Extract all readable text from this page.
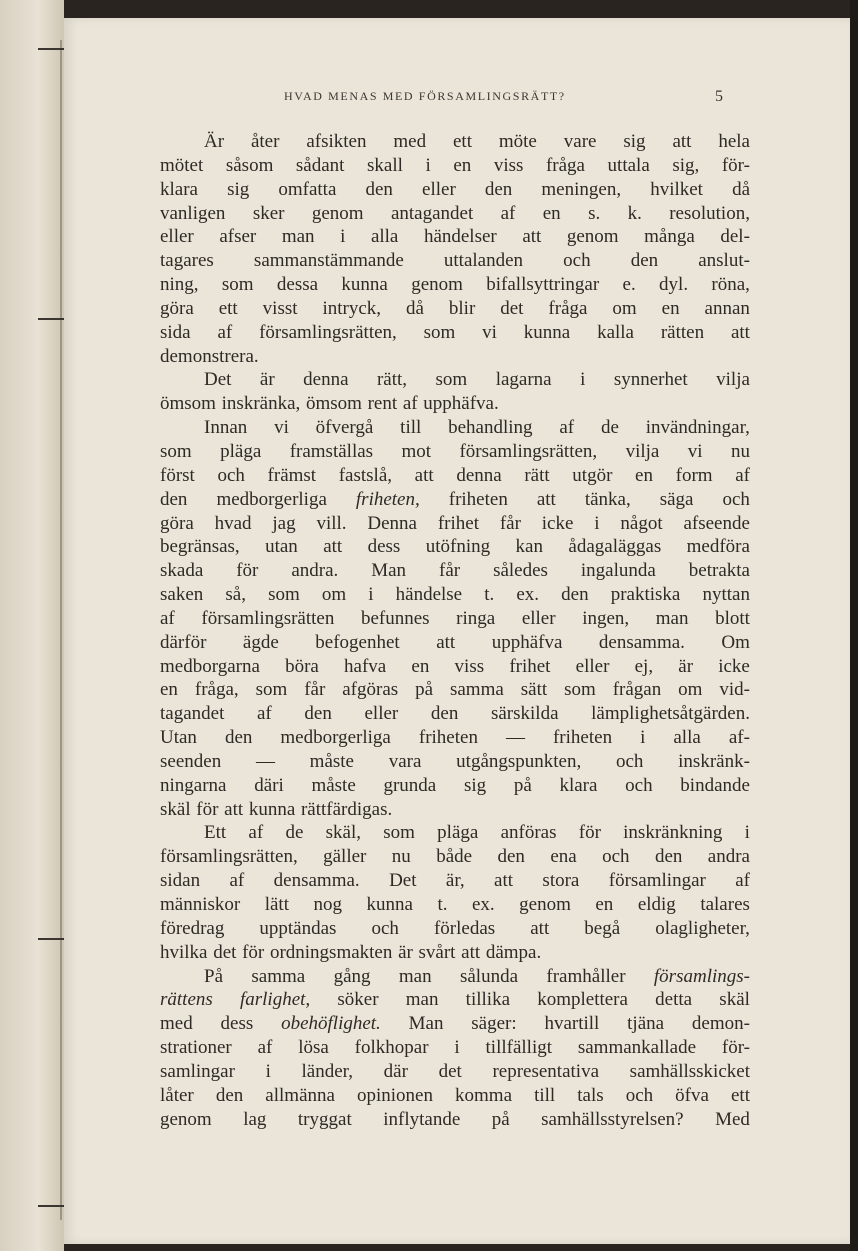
HVAD MENAS MED FÖRSAMLINGSRÄTT?	5
Är åter afsikten med ett möte vare sig att hela
mötet såsom sådant skall i en viss fråga uttala sig, för-
klara sig omfatta den eller den meningen, hvilket då
vanligen sker genom antagandet af en s. k. resolution,
eller afser man i alla händelser att genom många del-
tagares sammanstämmande uttalanden och den anslut-
ning, som dessa kunna genom bifallsyttringar e. dyl. röna,
göra ett visst intryck, då blir det fråga om en annan
sida af församlingsrätten, som vi kunna kalla rätten att
demonstrera.
Det är denna rätt, som lagarna i synnerhet vilja
ömsom inskränka, ömsom rent af upphäfva.
Innan vi öfvergå till behandling af de invändningar,
som pläga framställas mot församlingsrätten, vilja vi nu
först och främst fastslå, att denna rätt utgör en form af
den medborgerliga friheten, friheten att tänka, säga och
göra hvad jag vill. Denna frihet får icke i något afseende
begränsas, utan att dess utöfning kan ådagaläggas medföra
skada för andra. Man får således ingalunda betrakta
saken så, som om i händelse t. ex. den praktiska nyttan
af församlingsrätten befunnes ringa eller ingen, man blott
därför ägde befogenhet att upphäfva densamma. Om
medborgarna böra hafva en viss frihet eller ej, är icke
en fråga, som får afgöras på samma sätt som frågan om vid-
tagandet af den eller den särskilda lämplighetsåtgärden.
Utan den medborgerliga friheten — friheten i alla af-
seenden — måste vara utgångspunkten, och inskränk-
ningarna däri måste grunda sig på klara och bindande
skäl för att kunna rättfärdigas.
Ett af de skäl, som pläga anföras för inskränkning i
församlingsrätten, gäller nu både den ena och den andra
sidan af densamma. Det är, att stora församlingar af
människor lätt nog kunna t. ex. genom en eldig talares
föredrag upptändas och förledas att begå olagligheter,
hvilka det för ordningsmakten är svårt att dämpa.
På samma gång man sålunda framhåller församlings-
rättens farlighet, söker man tillika komplettera detta skäl
med dess obehöflighet. Man säger: hvartill tjäna demon-
strationer af lösa folkhopar i tillfälligt sammankallade för-
samlingar i länder, där det representativa samhällsskicket
låter den allmänna opinionen komma till tals och öfva ett
genom lag tryggat inflytande på samhällsstyrelsen? Med
